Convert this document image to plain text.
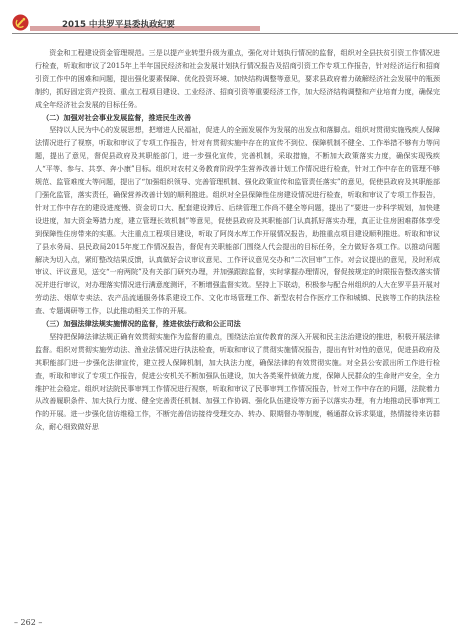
2015 中共罗平县委执政纪要

资金和工程建设资金管理规范。三是以提产业转型升级为重点，强化对计划执行情况的监督，组织对全县扶贫引资工作情况进行检查，听取和审议了2015年上半年国民经济和社会发展计划执行情况报告及招商引资工作专项工作报告，针对经济运行和招商引资工作中的困难和问题，提出强化要素保障、优化投资环境、加快结构调整等意见，要求县政府着力破解经济社会发展中的瓶颈制约，抓好固定资产投资、重点工程项目建设、工业经济、招商引资等重要经济工作，加大经济结构调整和产业培育力度，确保完成全年经济社会发展的目标任务。

（二）加强对社会事业发展监督，推进民生改善

坚持以人民为中心的发展思想，把增进人民福祉，促进人的全面发展作为发展的出发点和落脚点。组织对贯彻实施残疾人保障法情况进行了视察，听取和审议了专项工作报告，针对有贯彻实施中存在的宣传不到位、保障机制不健全、工作举措不够有力等问题，提出了意见，督促县政府及其职能部门，进一步强化宣传，完善机制，采取措施，不断加大政策落实力度，确保实现残疾人“平等、参与、共享、奔小康”目标。组织对农村义务教育阶段学生营养改善计划工作情况进行检查，针对工作中存在的管理不够规范、监管难度大等问题，提出了“加强组织领导、完善管理机制、强化政策宣传和监管责任落实”的意见，促使县政府及其职能部门强化监管，落实责任，确保营养改善计划的顺利推进。组织对全县保障性住房建设情况进行检查，听取和审议了专项工作报告，针对工作中存在的建设进度慢、资金切口大、配套建设滞后、后续管理工作尚不健全等问题，提出了“要进一步科学规划，加快建设进度，加大资金筹措力度，建立管理长效机制”等意见，促使县政府及其职能部门认真抓好落实办理，真正让住房困难群体享受到保障性住房带来的实惠。大注重点工程项目建设，听取了阿岗水库工作开展情况报告，助推重点项目建设顺利推进。听取和审议了县水务局、县民政局2015年度工作情况报告，督促有关职能部门围绕人代会提出的目标任务，全力做好各项工作。以推动问题解决为切入点，紧盯整改结果反馈，认真做好会议审议意见、工作评议意见交办和“二次回审”工作。对会议提出的意见，及时形成审议、评议意见，送交“一府两院”及有关部门研究办理，并加强跟踪监督，实时掌握办理情况，督促按规定的时限报告整改落实情况并进行审议，对办理落实情况进行满意度测评，不断增强监督实效。坚持上下联动，积极参与配合州组织的人大在罗平县开展对劳动法、烟草专卖法、农产品流通服务体系建设工作、文化市场管理工作、新型农村合作医疗工作和城镇、民族等工作的执法检查、专题调研等工作，以此推动相关工作的开展。

（三）加强法律法规实施情况的监督，推进依法行政和公正司法

坚持把保障法律法规正确有效贯彻实施作为监督的重点，围绕法治宣传教育的深入开展和民主法治建设的推进，积极开展法律监督。组织对贯彻实施劳动法、渔业法情况进行执法检查，听取和审议了贯彻实施情况报告，提出有针对性的意见，促进县政府及其职能部门进一步强化法律宣传，建立授人保障机制，加大执法力度，确保法律的有效贯彻实施。对全县公安派出所工作进行检查，听取和审议了专项工作报告，促进公安机关不断加强队伍建设，加大各类案件侦破力度，保障人民群众的生命财产安全，全力维护社会稳定。组织对法院民事审判工作情况进行视察，听取和审议了民事审判工作情况报告，针对工作中存在的问题，法院着力从改善履职条件、加大执行力度、健全完善责任机制、加强工作协调、强化队伍建设等方面予以落实办理，有力地推动民事审判工作的开展。进一步强化信访维稳工作，不断完善信访接待受理交办、转办、限期督办等制度，畅通群众诉求渠道，热情接待来访群众，耐心细致做好思

– 262 –
